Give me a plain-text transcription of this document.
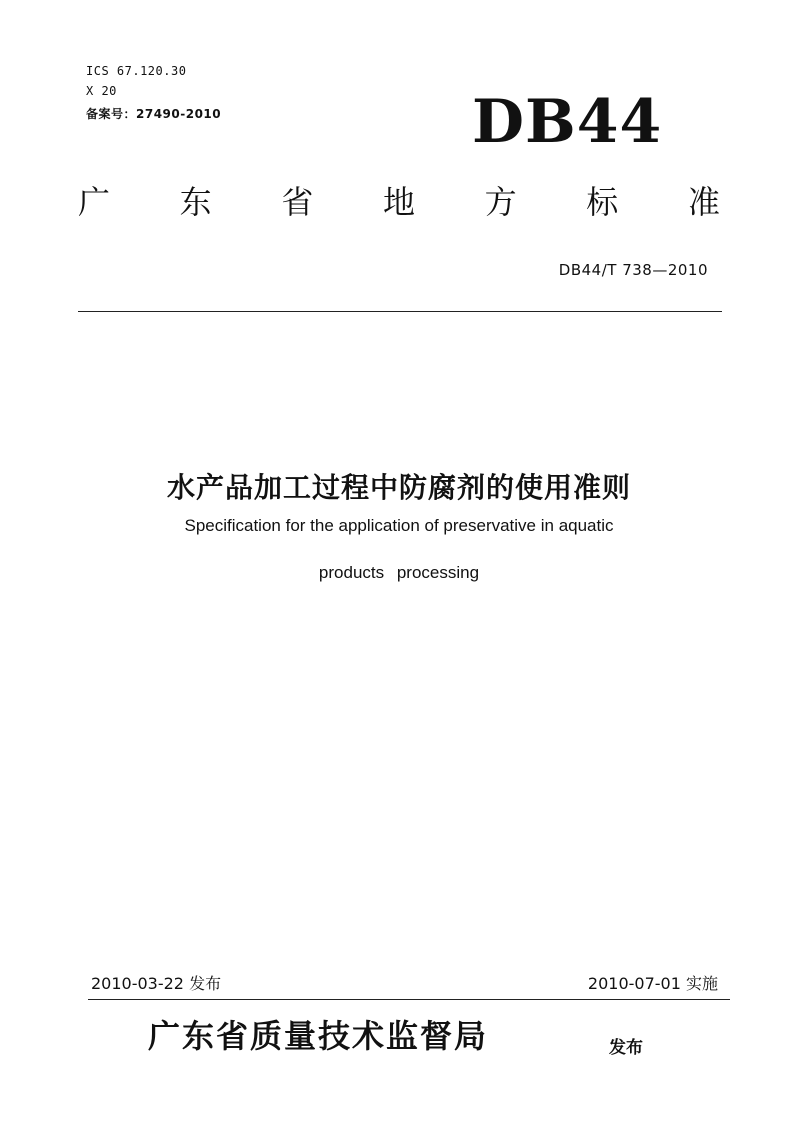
ICS 67.120.30
X 20
备案号：27490-2010	DB44
广 东 省 地 方 标 准
DB44/T 738—2010
水产品加工过程中防腐剂的使用准则
Specification for the application of preservative in aquatic
products processing
2010-03-22 发布	2010-07-01 实施
广东省质量技术监督局	发布
